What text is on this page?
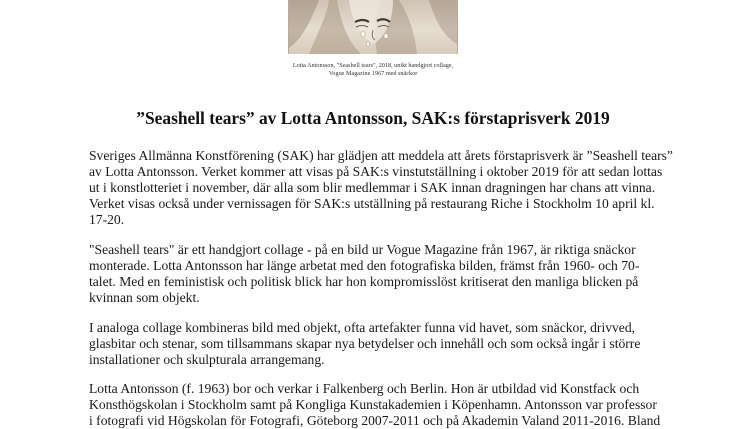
Lotta Antonsson, "Seashell tears", 2018, unikt handgjort collage,
Vogue Magazine 1967 med snäckor
”Seashell tears” av Lotta Antonsson, SAK:s förstaprisverk 2019
Sveriges Allmänna Konstförening (SAK) har glädjen att meddela att årets förstaprisverk är ”Seashell tears”
av Lotta Antonsson. Verket kommer att visas på SAK:s vinstutställning i oktober 2019 för att sedan lottas
ut i konstlotteriet i november, där alla som blir medlemmar i SAK innan dragningen har chans att vinna.
Verket visas också under vernissagen för SAK:s utställning på restaurang Riche i Stockholm 10 april kl.
17-20.
"Seashell tears" är ett handgjort collage - på en bild ur Vogue Magazine från 1967, är riktiga snäckor
monterade. Lotta Antonsson har länge arbetat med den fotografiska bilden, främst från 1960- och 70-
talet. Med en feministisk och politisk blick har hon kompromisslöst kritiserat den manliga blicken på
kvinnan som objekt.
I analoga collage kombineras bild med objekt, ofta artefakter funna vid havet, som snäckor, drivved,
glasbitar och stenar, som tillsammans skapar nya betydelser och innehåll och som också ingår i större
installationer och skulpturala arrangemang.
Lotta Antonsson (f. 1963) bor och verkar i Falkenberg och Berlin. Hon är utbildad vid Konstfack och
Konsthögskolan i Stockholm samt på Kongliga Kunstakademien i Köpenhamn. Antonsson var professor
i fotografi vid Högskolan för Fotografi, Göteborg 2007-2011 och på Akademin Valand 2011-2016. Bland
